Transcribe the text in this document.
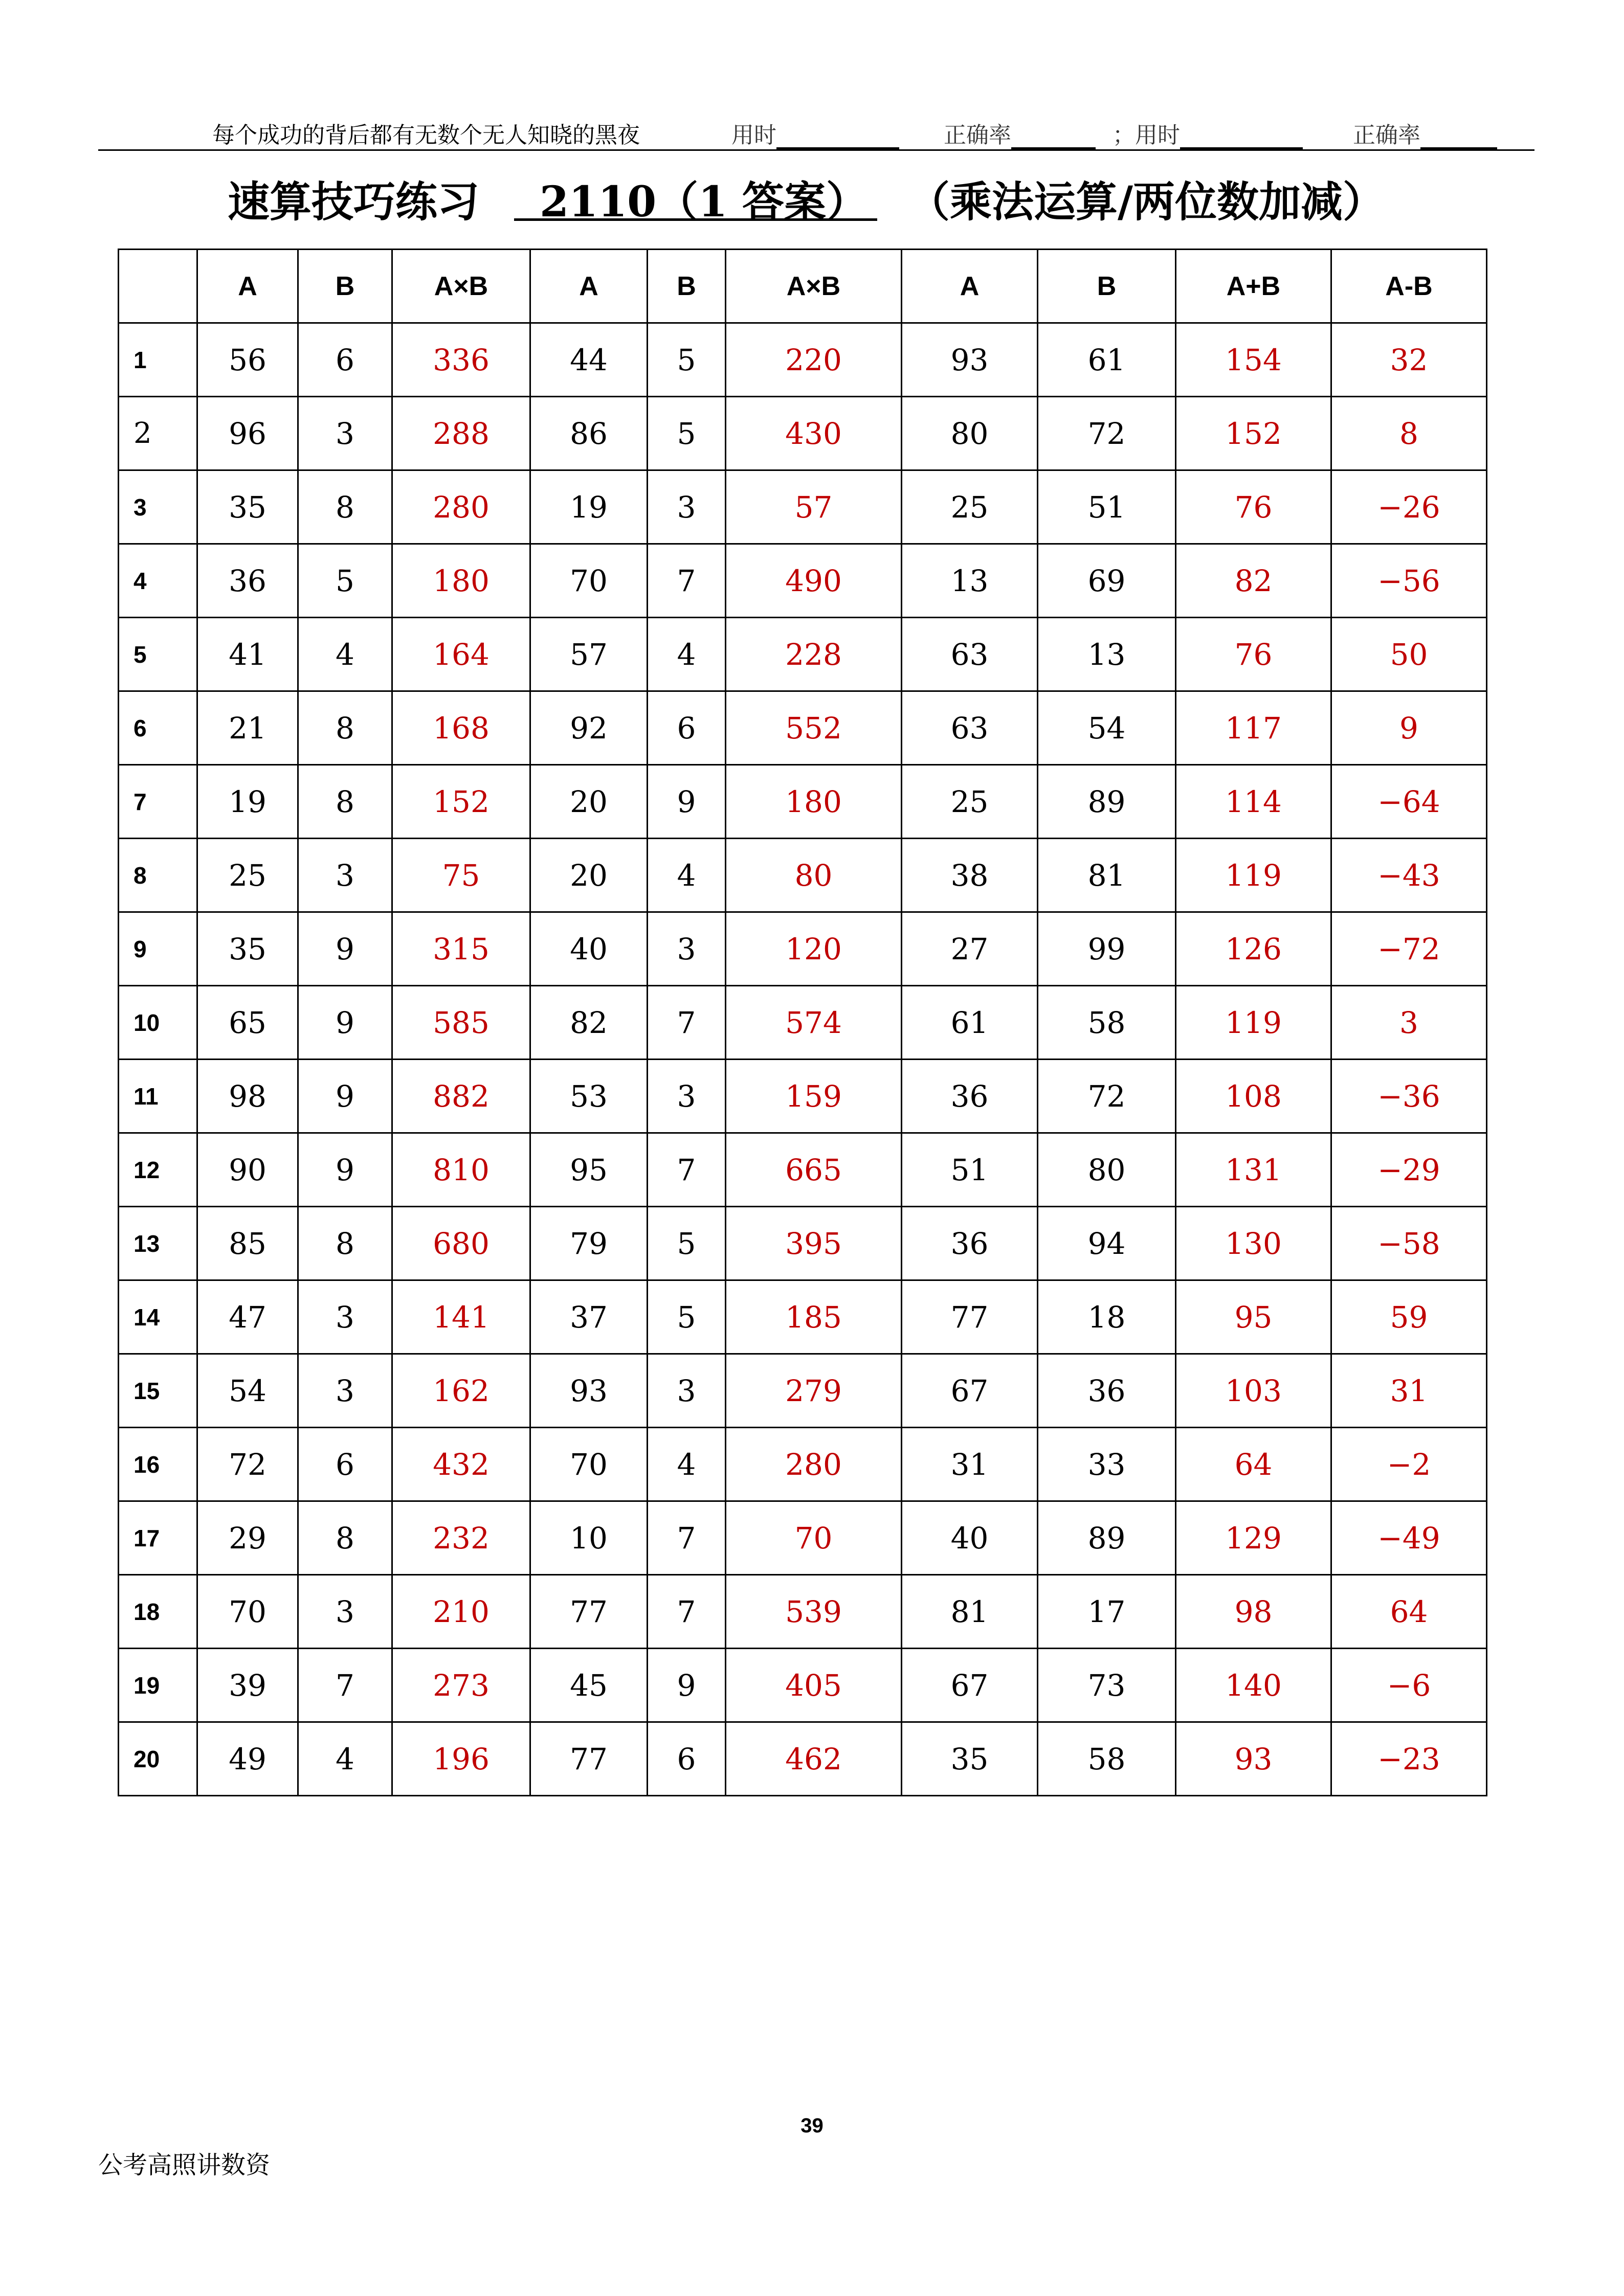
每个成功的背后都有无数个无人知晓的黑夜	用时	正确率	；用时	正确率
速算技巧练习	2110（1 答案） （乘法运算/两位数加减）
	A	B	A×B	A	B	A×B	A	B	A+B	A-B
1	56	6	336	44	5	220	93	61	154	32
2	96	3	288	86	5	430	80	72	152	8
3	35	8	280	19	3	57	25	51	76	−26
4	36	5	180	70	7	490	13	69	82	−56
5	41	4	164	57	4	228	63	13	76	50
6	21	8	168	92	6	552	63	54	117	9
7	19	8	152	20	9	180	25	89	114	−64
8	25	3	75	20	4	80	38	81	119	−43
9	35	9	315	40	3	120	27	99	126	−72
10	65	9	585	82	7	574	61	58	119	3
11	98	9	882	53	3	159	36	72	108	−36
12	90	9	810	95	7	665	51	80	131	−29
13	85	8	680	79	5	395	36	94	130	−58
14	47	3	141	37	5	185	77	18	95	59
15	54	3	162	93	3	279	67	36	103	31
16	72	6	432	70	4	280	31	33	64	−2
17	29	8	232	10	7	70	40	89	129	−49
18	70	3	210	77	7	539	81	17	98	64
19	39	7	273	45	9	405	67	73	140	−6
20	49	4	196	77	6	462	35	58	93	−23
39
公考高照讲数资
